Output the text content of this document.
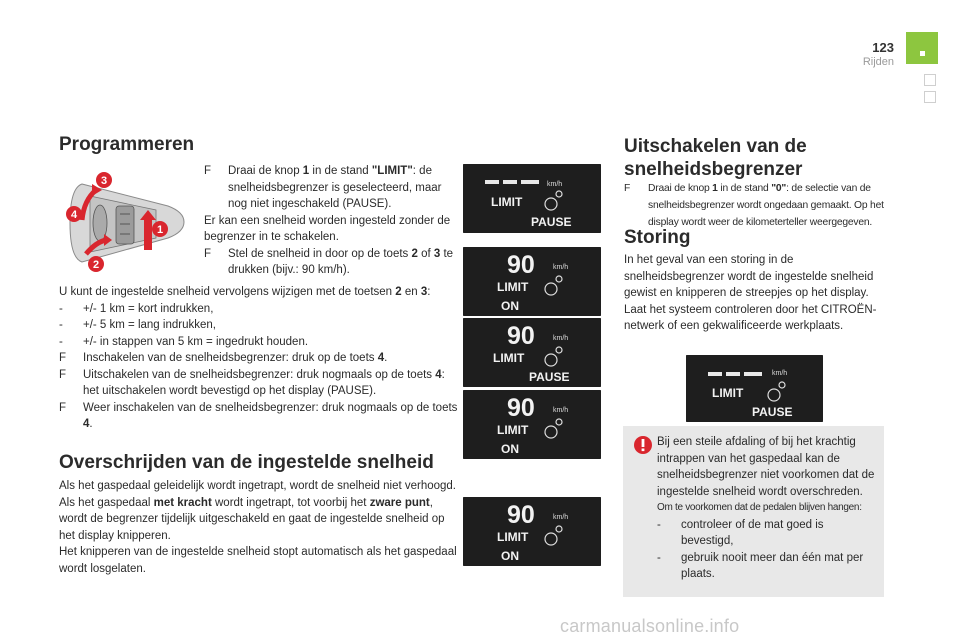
123
Rijden
Programmeren
3
4
2
1
F	Draai de knop 1 in de stand "LIMIT": de snelheidsbegrenzer is geselecteerd, maar nog niet ingeschakeld (PAUSE).
Er kan een snelheid worden ingesteld zonder de begrenzer in te schakelen.
F	Stel de snelheid in door op de toets 2 of 3 te drukken (bijv.: 90 km/h).
U kunt de ingestelde snelheid vervolgens wijzigen met de toetsen 2 en 3:
-	+/- 1 km = kort indrukken,
-	+/- 5 km = lang indrukken,
-	+/- in stappen van 5 km = ingedrukt houden.
F	Inschakelen van de snelheidsbegrenzer: druk op de toets 4.
F	Uitschakelen van de snelheidsbegrenzer: druk nogmaals op de toets 4: het uitschakelen wordt bevestigd op het display (PAUSE).
F	Weer inschakelen van de snelheidsbegrenzer: druk nogmaals op de toets 4.
km/h
LIMIT
PAUSE
90	km/h
LIMIT
ON
90	km/h
LIMIT
PAUSE
90	km/h
LIMIT
ON
90	km/h
LIMIT
ON
Overschrijden van de ingestelde snelheid
Als het gaspedaal geleidelijk wordt ingetrapt, wordt de snelheid niet verhoogd. Als het gaspedaal met kracht wordt ingetrapt, tot voorbij het zware punt, wordt de begrenzer tijdelijk uitgeschakeld en gaat de ingestelde snelheid op het display knipperen.
Het knipperen van de ingestelde snelheid stopt automatisch als het gaspedaal wordt losgelaten.
Uitschakelen van de snelheidsbegrenzer
F	Draai de knop 1 in de stand "0": de selectie van de snelheidsbegrenzer wordt ongedaan gemaakt. Op het display wordt weer de kilometerteller weergegeven.
Storing
In het geval van een storing in de snelheidsbegrenzer wordt de ingestelde snelheid gewist en knipperen de streepjes op het display. Laat het systeem controleren door het CITROËN-netwerk of een gekwalificeerde werkplaats.
km/h
LIMIT
PAUSE
Bij een steile afdaling of bij het krachtig intrappen van het gaspedaal kan de snelheidsbegrenzer niet voorkomen dat de ingestelde snelheid wordt overschreden.
Om te voorkomen dat de pedalen blijven hangen:
-	controleer of de mat goed is bevestigd,
-	gebruik nooit meer dan één mat per plaats.
carmanualsonline.info
